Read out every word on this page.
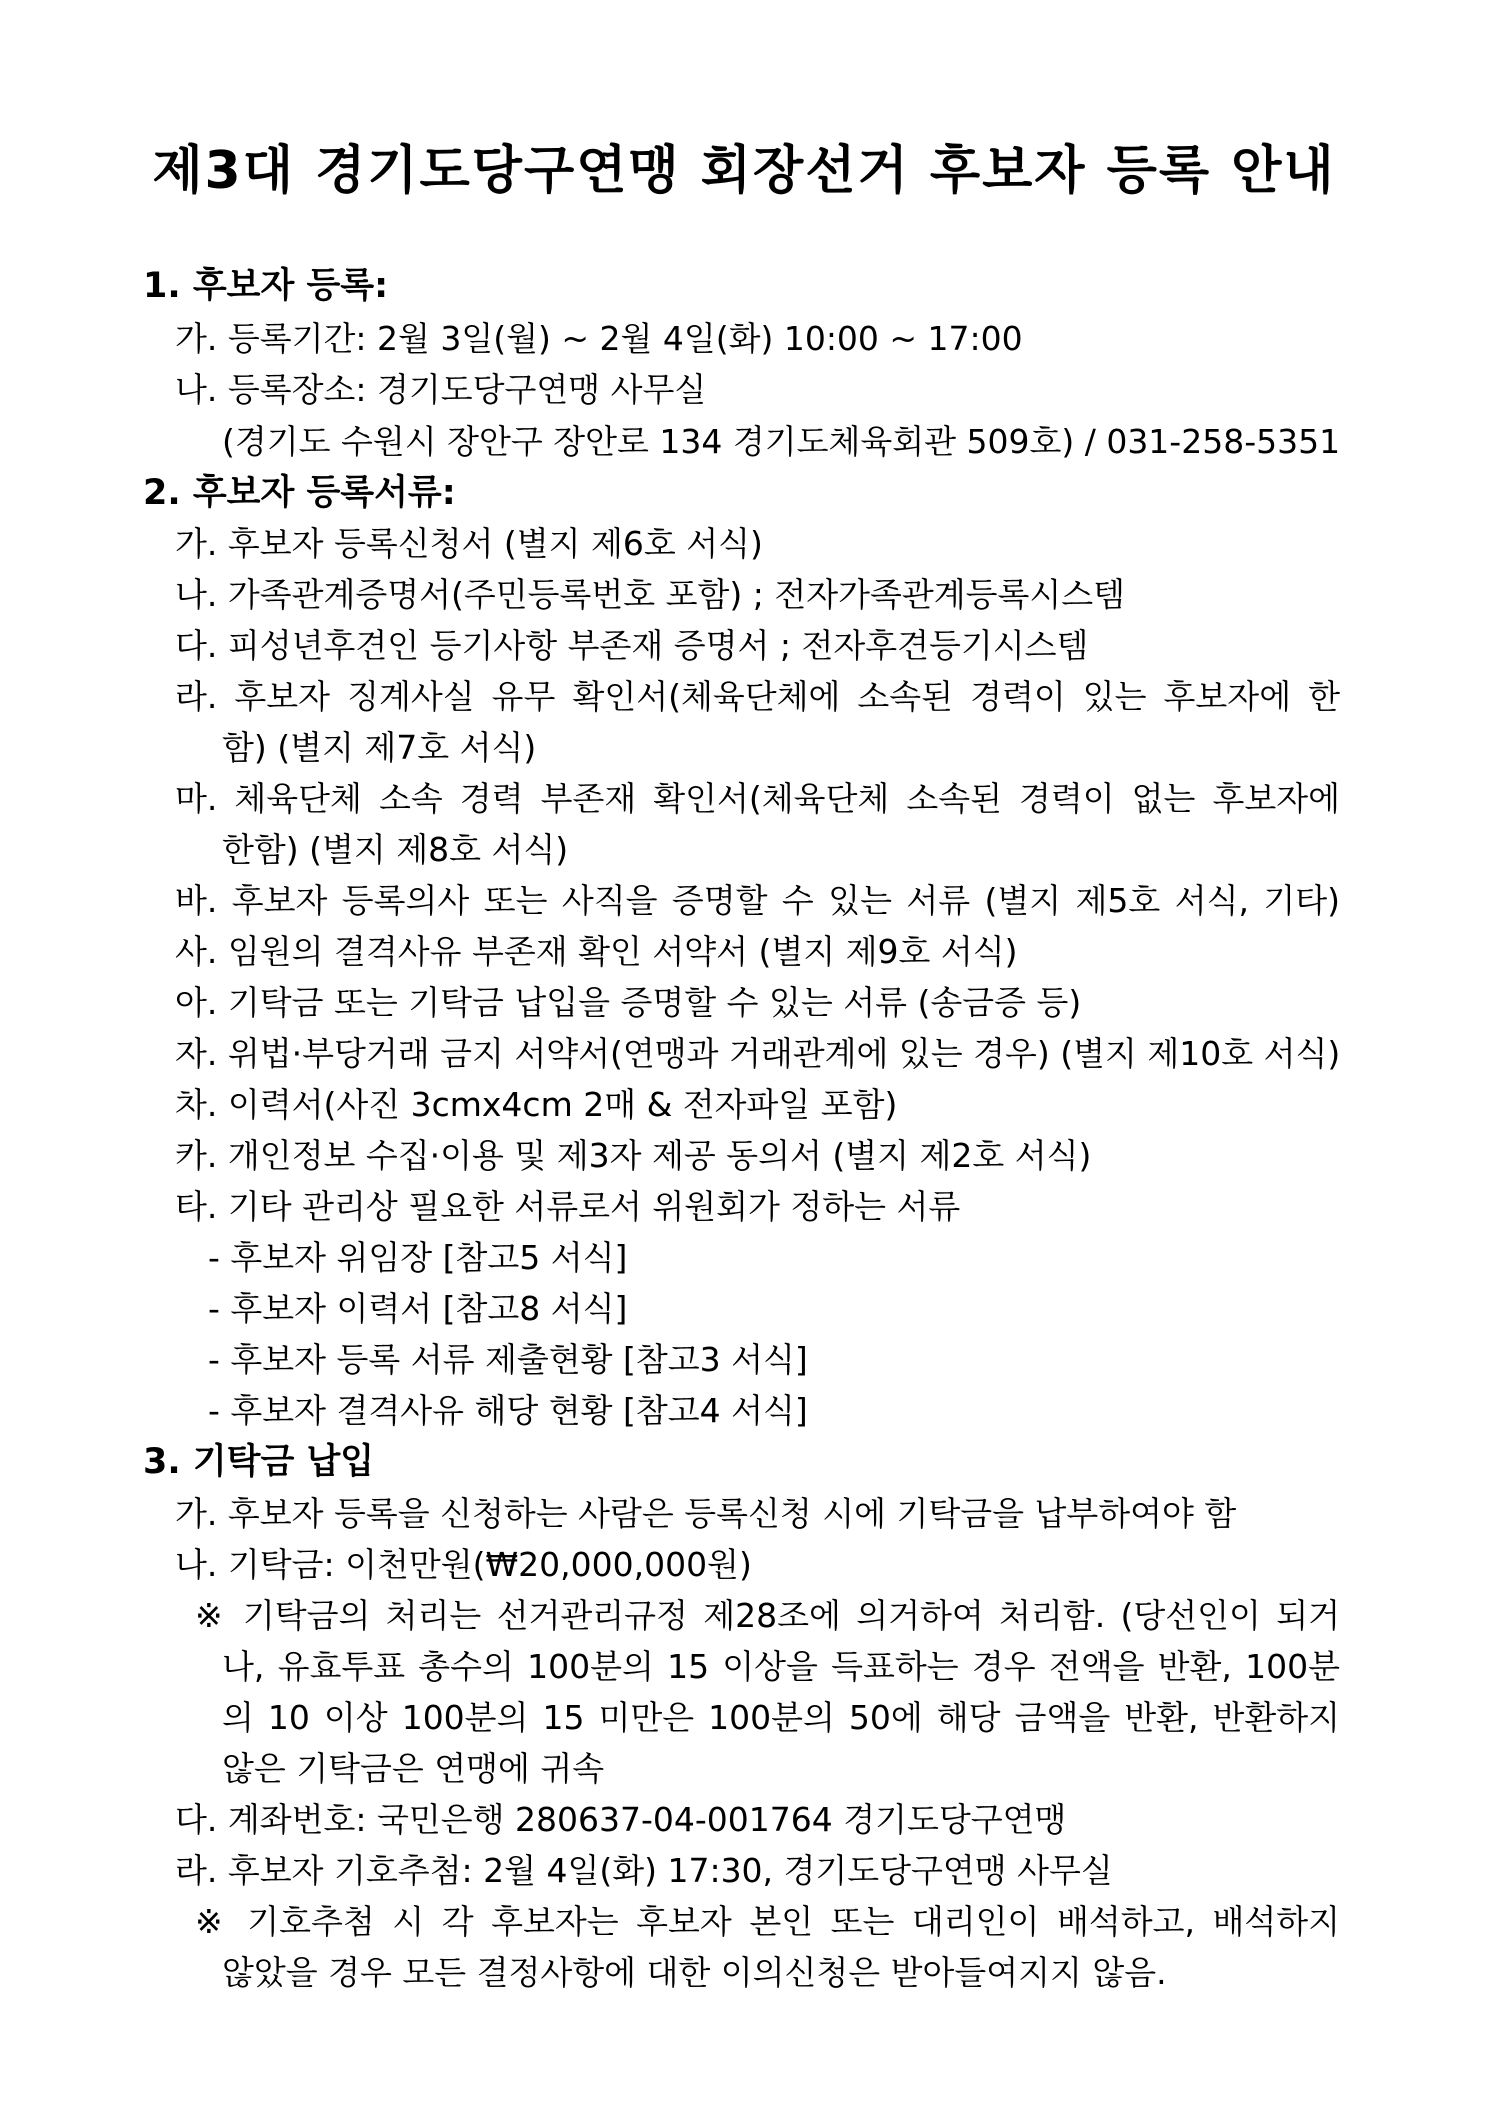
제3대 경기도당구연맹 회장선거 후보자 등록 안내
1. 후보자 등록:
가. 등록기간: 2월 3일(월) ~ 2월 4일(화) 10:00 ~ 17:00
나. 등록장소: 경기도당구연맹 사무실
(경기도 수원시 장안구 장안로 134 경기도체육회관 509호) / 031-258-5351
2. 후보자 등록서류:
가. 후보자 등록신청서 (별지 제6호 서식)
나. 가족관계증명서(주민등록번호 포함) ; 전자가족관계등록시스템
다. 피성년후견인 등기사항 부존재 증명서 ; 전자후견등기시스템
라. 후보자 징계사실 유무 확인서(체육단체에 소속된 경력이 있는 후보자에 한
함) (별지 제7호 서식)
마. 체육단체 소속 경력 부존재 확인서(체육단체 소속된 경력이 없는 후보자에
한함) (별지 제8호 서식)
바. 후보자 등록의사 또는 사직을 증명할 수 있는 서류 (별지 제5호 서식, 기타)
사. 임원의 결격사유 부존재 확인 서약서 (별지 제9호 서식)
아. 기탁금 또는 기탁금 납입을 증명할 수 있는 서류 (송금증 등)
자. 위법·부당거래 금지 서약서(연맹과 거래관계에 있는 경우) (별지 제10호 서식)
차. 이력서(사진 3cmx4cm 2매 & 전자파일 포함)
카. 개인정보 수집·이용 및 제3자 제공 동의서 (별지 제2호 서식)
타. 기타 관리상 필요한 서류로서 위원회가 정하는 서류
- 후보자 위임장 [참고5 서식]
- 후보자 이력서 [참고8 서식]
- 후보자 등록 서류 제출현황 [참고3 서식]
- 후보자 결격사유 해당 현황 [참고4 서식]
3. 기탁금 납입
가. 후보자 등록을 신청하는 사람은 등록신청 시에 기탁금을 납부하여야 함
나. 기탁금: 이천만원(₩20,000,000원)
※ 기탁금의 처리는 선거관리규정 제28조에 의거하여 처리함. (당선인이 되거
나, 유효투표 총수의 100분의 15 이상을 득표하는 경우 전액을 반환, 100분
의 10 이상 100분의 15 미만은 100분의 50에 해당 금액을 반환, 반환하지
않은 기탁금은 연맹에 귀속
다. 계좌번호: 국민은행 280637-04-001764 경기도당구연맹
라. 후보자 기호추첨: 2월 4일(화) 17:30, 경기도당구연맹 사무실
※ 기호추첨 시 각 후보자는 후보자 본인 또는 대리인이 배석하고, 배석하지
않았을 경우 모든 결정사항에 대한 이의신청은 받아들여지지 않음.
